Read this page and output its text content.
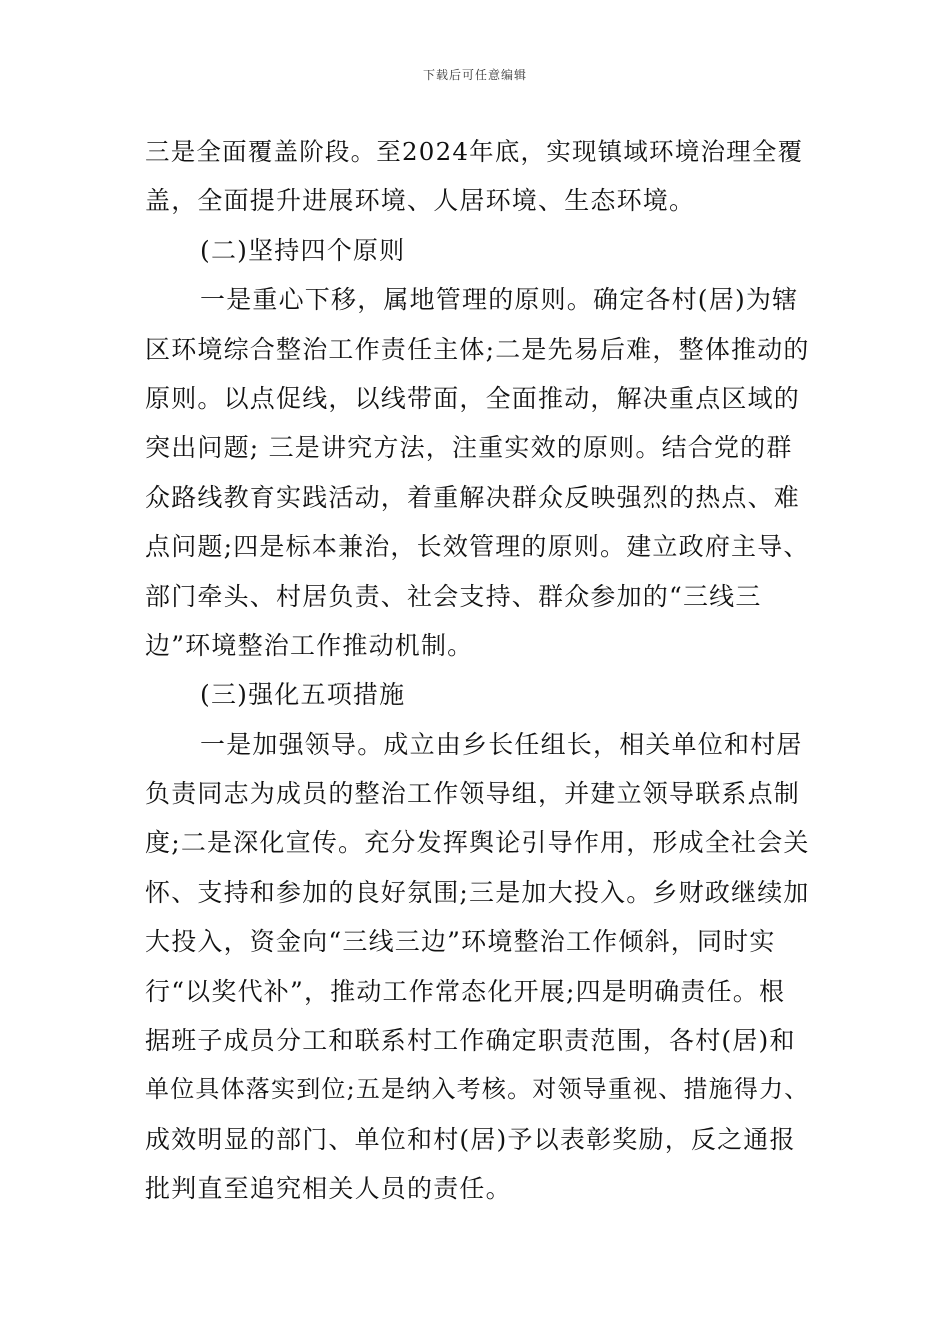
下载后可任意编辑
三是全面覆盖阶段。至2024年底，实现镇域环境治理全覆
盖，全面提升进展环境、人居环境、生态环境。
(二)坚持四个原则
一是重心下移，属地管理的原则。确定各村(居)为辖
区环境综合整治工作责任主体;二是先易后难，整体推动的
原则。以点促线，以线带面，全面推动，解决重点区域的
突出问题; 三是讲究方法，注重实效的原则。结合党的群
众路线教育实践活动，着重解决群众反映强烈的热点、难
点问题;四是标本兼治，长效管理的原则。建立政府主导、
部门牵头、村居负责、社会支持、群众参加的“三线三
边”环境整治工作推动机制。
(三)强化五项措施
一是加强领导。成立由乡长任组长，相关单位和村居
负责同志为成员的整治工作领导组，并建立领导联系点制
度;二是深化宣传。充分发挥舆论引导作用，形成全社会关
怀、支持和参加的良好氛围;三是加大投入。乡财政继续加
大投入，资金向“三线三边”环境整治工作倾斜，同时实
行“以奖代补”，推动工作常态化开展;四是明确责任。根
据班子成员分工和联系村工作确定职责范围，各村(居)和
单位具体落实到位;五是纳入考核。对领导重视、措施得力、
成效明显的部门、单位和村(居)予以表彰奖励，反之通报
批判直至追究相关人员的责任。
